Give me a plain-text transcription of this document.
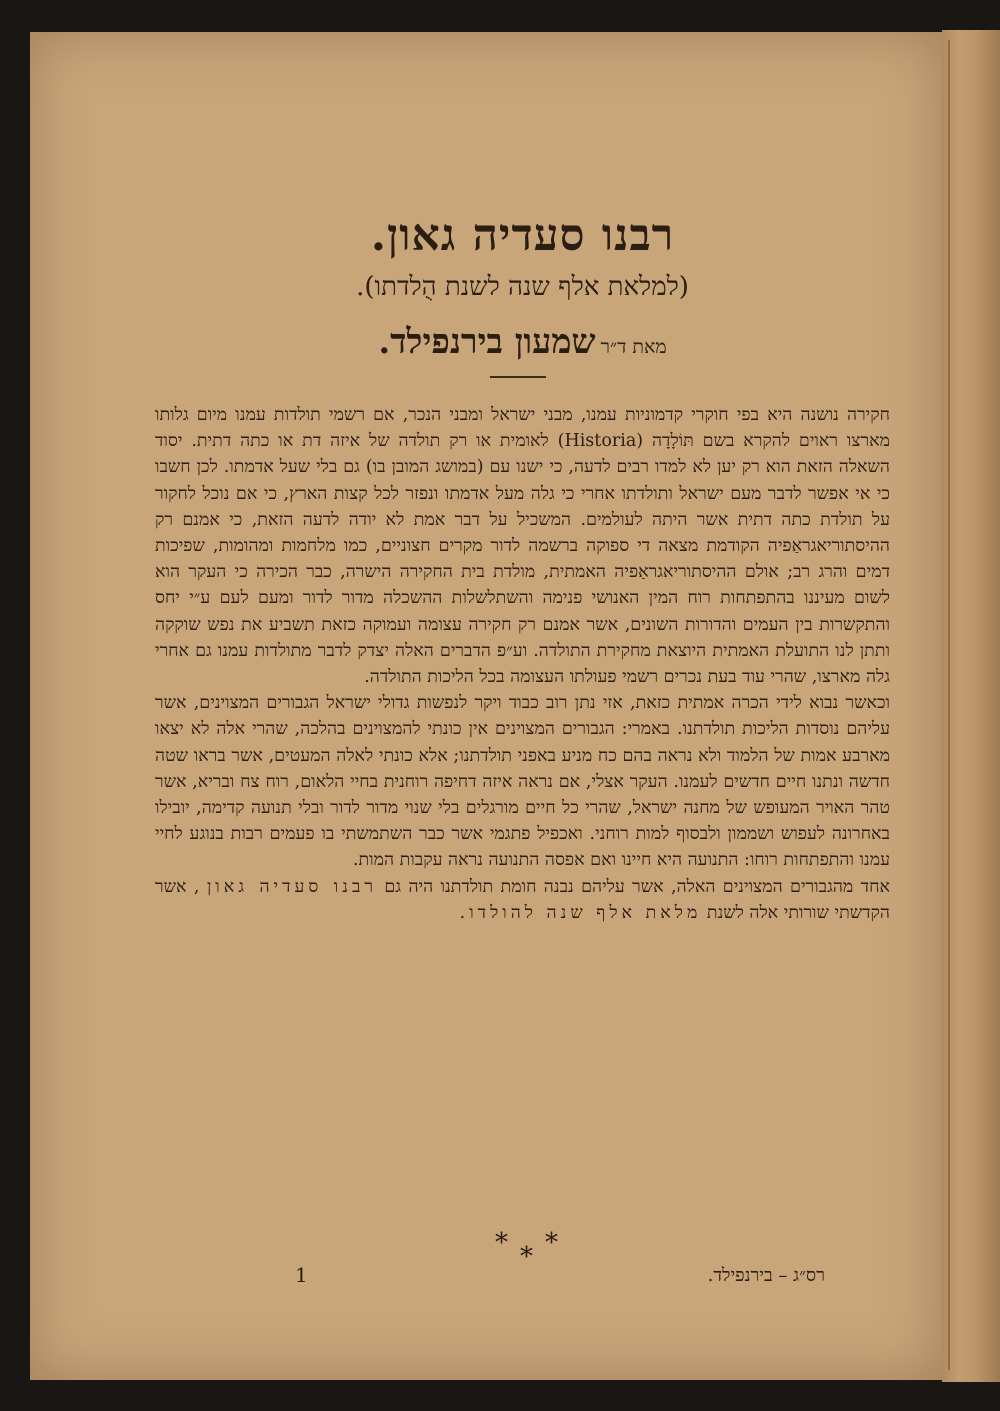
רבנו סעדיה גאון.
(למלאת אלף שנה לשנת הֻלדתו).
מאת ד״ר שמעון בירנפילד.

חקירה נושנה היא בפי חוקרי קדמוניות עמנו, מבני ישראל ומבני הנכר, אם רשמי תולדות עמנו מיום גלותו מארצו ראוים להקרא בשם תּוֹלָדָה (Historia) לאומית או רק תולדה של איזה דת או כתה דתית. יסוד השאלה הזאת הוא רק יען לא למדו רבים לדעה, כי ישנו עם (במושג המובן בו) גם בלי שעל אדמתו. לכן חשבו כי אי אפשר לדבר מעם ישראל ותולדתו אחרי כי גלה מעל אדמתו ונפזר לכל קצות הארץ, כי אם נוכל לחקור על תולדת כתה דתית אשר היתה לעולמים. המשכיל על דבר אמת לא יודה לדעה הזאת, כי אמנם רק ההיסתוריאגראַפיה הקודמת מצאה די ספוקה ברשמה לדור מקרים חצוניים, כמו מלחמות ומהומות, שפיכות דמים והרג רב; אולם ההיסתוריאגראַפיה האמתית, מולדת בית החקירה הישרה, כבר הכירה כי העקר הוא לשום מעיננו בהתפתחות רוח המין האנושי פנימה והשתלשלות ההשכלה מדור לדור ומעם לעם ע״י יחס והתקשרות בין העמים והדורות השונים, אשר אמנם רק חקירה עצומה ועמוקה כזאת תשביע את נפש שוקקה ותתן לנו התועלת האמתית היוצאת מחקירת התולדה. וע״פ הדברים האלה יצדק לדבר מתולדות עמנו גם אחרי גלה מארצו, שהרי עוד בעת נכרים רשמי פעולתו העצומה בכל הליכות התולדה.

וכאשר נבוא לידי הכרה אמתית כזאת, אזי נתן רוב כבוד ויקר לנפשות גדולי ישראל הגבורים המצוינים, אשר עליהם נוסדות הליכות תולדתנו. באמרי: הגבורים המצוינים אין כונתי להמצוינים בהלכה, שהרי אלה לא יצאו מארבע אמות של הלמוד ולא נראה בהם כח מניע באפני תולדתנו; אלא כונתי לאלה המעטים, אשר בראו שטה חדשה ונתנו חיים חדשים לעמנו. העקר אצלי, אם נראה איזה דחיפה רוחנית בחיי הלאום, רוח צח ובריא, אשר טהר האויר המעופש של מחנה ישראל, שהרי כל חיים מורגלים בלי שנוי מדור לדור ובלי תנועה קדימה, יובילו באחרונה לעפוש ושממון ולבסוף למות רוחני. ואכפיל פתגמי אשר כבר השתמשתי בו פעמים רבות בנוגע לחיי עמנו והתפתחות רוחו: התנועה היא חיינו ואם אפסה התנועה נראה עקבות המות.

אחד מהגבורים המצוינים האלה, אשר עליהם נבנה חומת תולדתנו היה גם רבנו סעדיה גאון , אשר הקדשתי שורותי אלה לשנת מלאת אלף שנה להולדו.

* *
*
1	רס״ג – בירנפילד.
